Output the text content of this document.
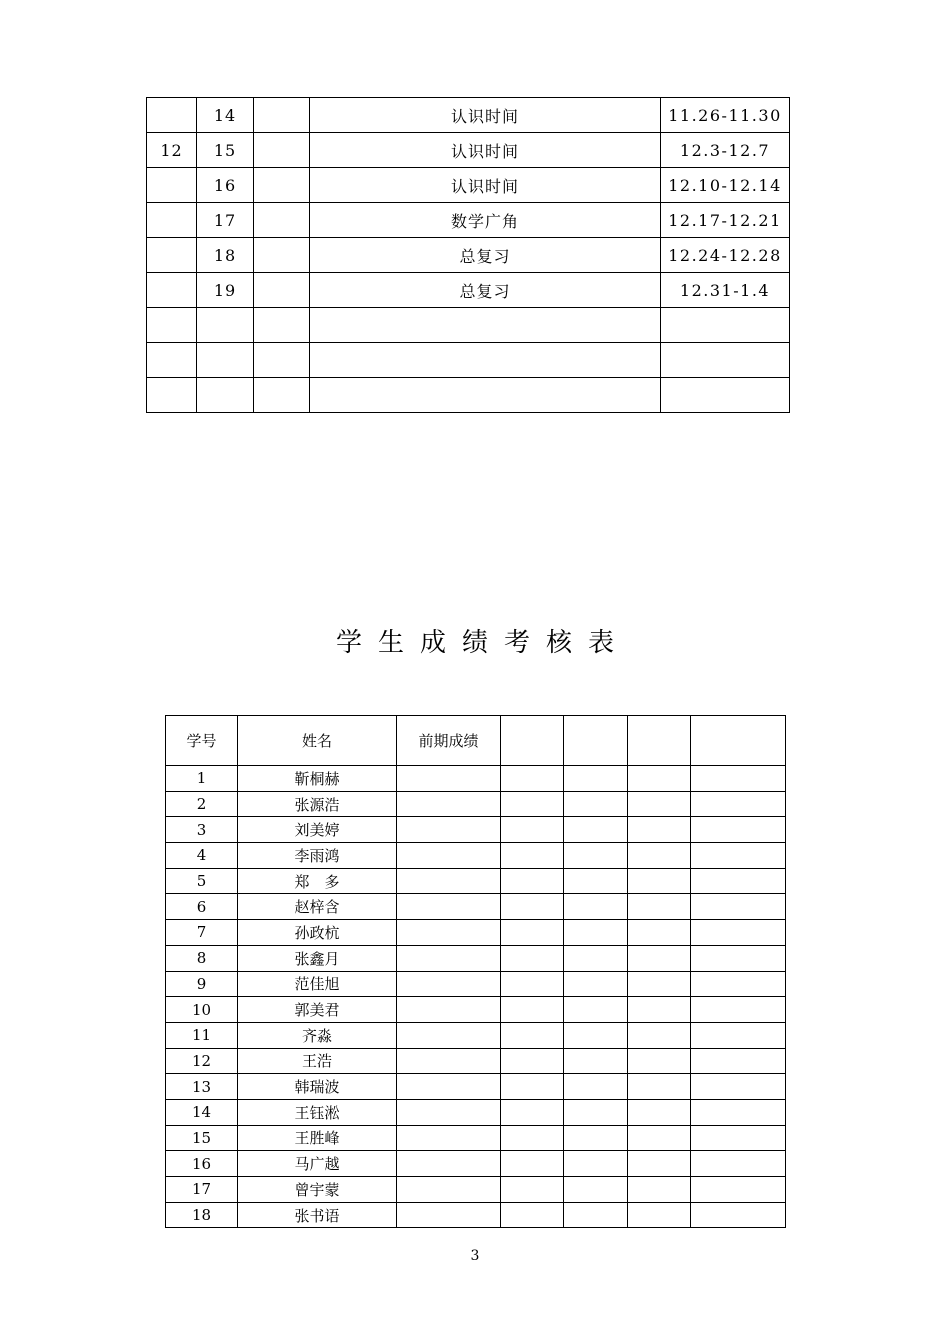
	14		认识时间	11.26-11.30
12	15		认识时间	12.3-12.7
	16		认识时间	12.10-12.14
	17		数学广角	12.17-12.21
	18		总复习	12.24-12.28
	19		总复习	12.31-1.4

学生成绩考核表
学号	姓名	前期成绩				
1	靳桐赫					
2	张源浩					
3	刘美婷					
4	李雨鸿					
5	郑　多					
6	赵梓含					
7	孙政杭					
8	张鑫月					
9	范佳旭					
10	郭美君					
11	齐淼					
12	王浩					
13	韩瑞波					
14	王钰淞					
15	王胜峰					
16	马广越					
17	曾宇蒙					
18	张书语					
3
